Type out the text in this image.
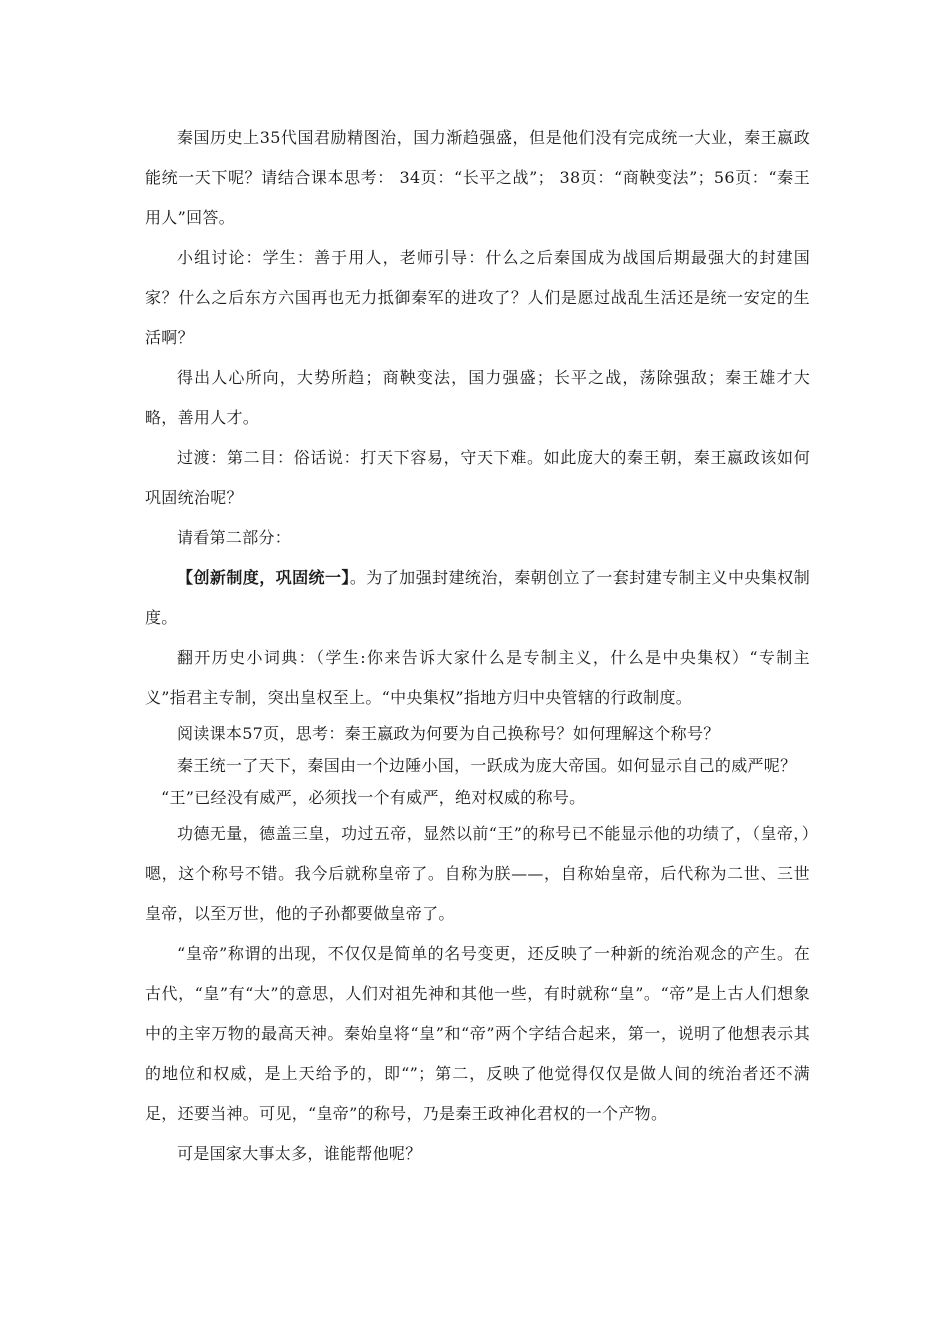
秦国历史上35代国君励精图治，国力渐趋强盛，但是他们没有完成统一大业，秦王嬴政能统一天下呢？请结合课本思考： 34页：“长平之战”； 38页：“商鞅变法”；56页：“秦王用人”回答。

小组讨论：学生：善于用人，老师引导：什么之后秦国成为战国后期最强大的封建国家？什么之后东方六国再也无力抵御秦军的进攻了？人们是愿过战乱生活还是统一安定的生活啊？

得出人心所向，大势所趋；商鞅变法，国力强盛；长平之战，荡除强敌；秦王雄才大略，善用人才。

过渡：第二目：俗话说：打天下容易，守天下难。如此庞大的秦王朝，秦王嬴政该如何巩固统治呢？

请看第二部分：

【创新制度，巩固统一】。为了加强封建统治，秦朝创立了一套封建专制主义中央集权制度。

翻开历史小词典：（学生:你来告诉大家什么是专制主义，什么是中央集权）“专制主义”指君主专制，突出皇权至上。“中央集权”指地方归中央管辖的行政制度。

阅读课本57页，思考：秦王嬴政为何要为自己换称号？如何理解这个称号？

秦王统一了天下，秦国由一个边陲小国，一跃成为庞大帝国。如何显示自己的威严呢？

“王”已经没有威严，必须找一个有威严，绝对权威的称号。

功德无量，德盖三皇，功过五帝，显然以前“王”的称号已不能显示他的功绩了，（皇帝，）嗯，这个称号不错。我今后就称皇帝了。自称为朕——，自称始皇帝，后代称为二世、三世皇帝，以至万世，他的子孙都要做皇帝了。

“皇帝”称谓的出现，不仅仅是简单的名号变更，还反映了一种新的统治观念的产生。在古代，“皇”有“大”的意思，人们对祖先神和其他一些，有时就称“皇”。“帝”是上古人们想象中的主宰万物的最高天神。秦始皇将“皇”和“帝”两个字结合起来，第一，说明了他想表示其的地位和权威，是上天给予的，即“”；第二，反映了他觉得仅仅是做人间的统治者还不满足，还要当神。可见，“皇帝”的称号，乃是秦王政神化君权的一个产物。

可是国家大事太多，谁能帮他呢？
